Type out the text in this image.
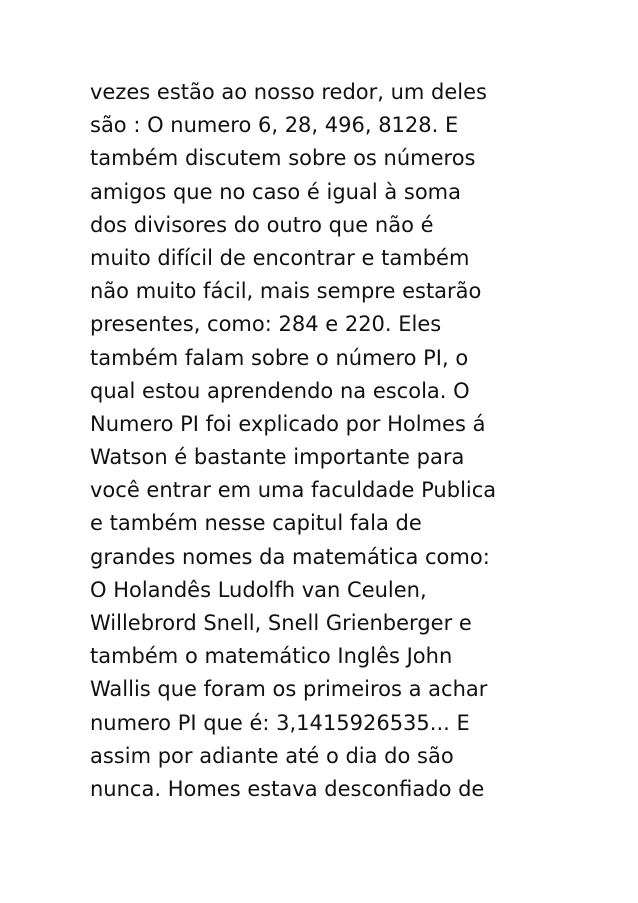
vezes estão ao nosso redor, um deles
são : O numero 6, 28, 496, 8128. E
também discutem sobre os números
amigos que no caso é igual à soma
dos divisores do outro que não é
muito difícil de encontrar e também
não muito fácil, mais sempre estarão
presentes, como: 284 e 220. Eles
também falam sobre o número PI, o
qual estou aprendendo na escola. O
Numero PI foi explicado por Holmes á
Watson é bastante importante para
você entrar em uma faculdade Publica
e também nesse capitul fala de
grandes nomes da matemática como:
O Holandês Ludolfh van Ceulen,
Willebrord Snell, Snell Grienberger e
também o matemático Inglês John
Wallis que foram os primeiros a achar
numero PI que é: 3,1415926535... E
assim por adiante até o dia do são
nunca. Homes estava desconfiado de
